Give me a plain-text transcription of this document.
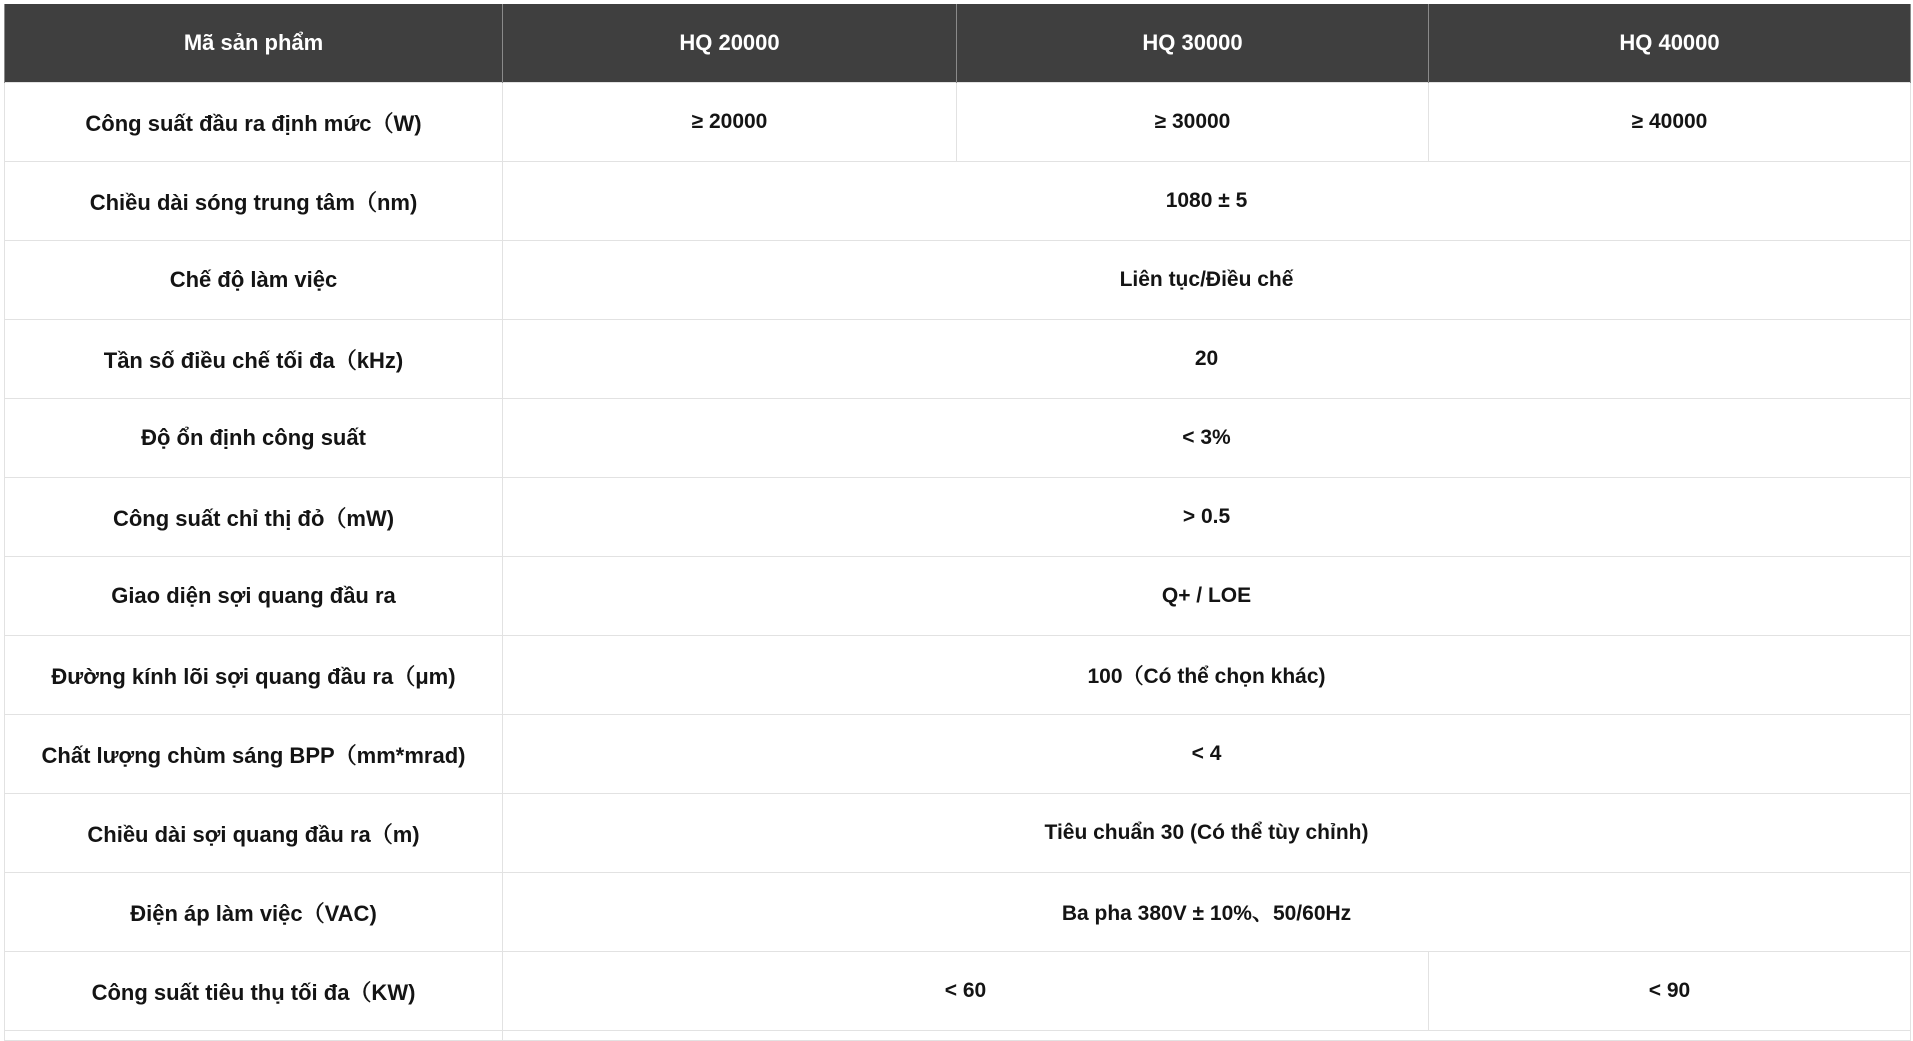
Mã sản phẩm	HQ 20000	HQ 30000	HQ 40000
Công suất đầu ra định mức（W)	≥ 20000	≥ 30000	≥ 40000
Chiều dài sóng trung tâm（nm)	1080 ± 5		
Chế độ làm việc	Liên tục/Điều chế		
Tần số điều chế tối đa（kHz)	20		
Độ ổn định công suất	< 3%		
Công suất chỉ thị đỏ（mW)	> 0.5		
Giao diện sợi quang đầu ra	Q+ / LOE		
Đường kính lõi sợi quang đầu ra（μm)	100（Có thể chọn khác)		
Chất lượng chùm sáng BPP（mm*mrad)	< 4		
Chiều dài sợi quang đầu ra（m)	Tiêu chuẩn 30 (Có thể tùy chỉnh)		
Điện áp làm việc（VAC)	Ba pha 380V ± 10%、50/60Hz		
Công suất tiêu thụ tối đa（KW)	< 60		< 90
